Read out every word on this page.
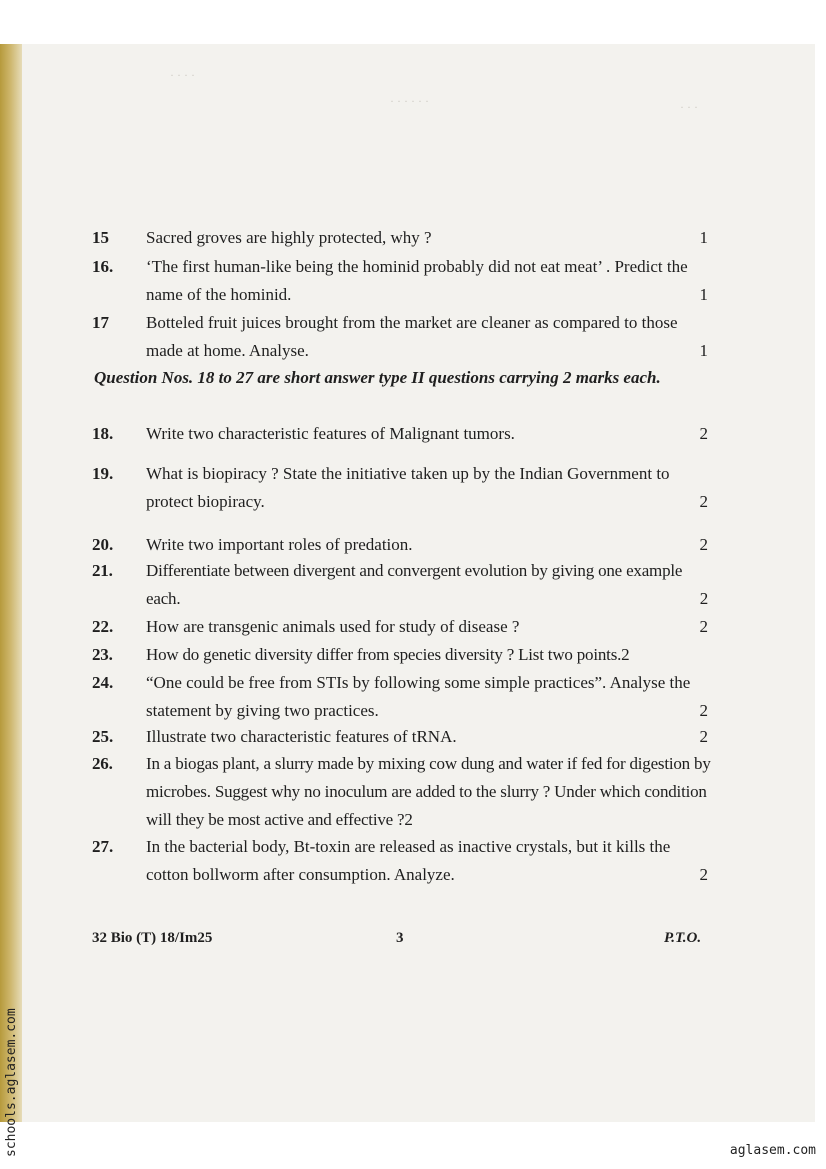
· · · ·
· · · · · ·	· · ·
15 Sacred groves are highly protected, why ?	1
16. ‘The first human-like being the hominid probably did not eat meat’ . Predict the name of the hominid.	1
17 Botteled fruit juices brought from the market are cleaner as compared to those made at home. Analyse.	1
Question Nos. 18 to 27 are short answer type II questions carrying 2 marks each.
18. Write two characteristic features of Malignant tumors.	2
19. What is biopiracy ? State the initiative taken up by the Indian Government to protect biopiracy.	2
20. Write two important roles of predation.	2
21. Differentiate between divergent and convergent evolution by giving one example each.	2
22. How are transgenic animals used for study of disease ?	2
23. How do genetic diversity differ from species diversity ? List two points.2
24. “One could be free from STIs by following some simple practices”. Analyse the statement by giving two practices.	2
25. Illustrate two characteristic features of tRNA.	2
26. In a biogas plant, a slurry made by mixing cow dung and water if fed for digestion by microbes. Suggest why no inoculum are added to the slurry ? Under which condition will they be most active and effective ?2
27. In the bacterial body, Bt-toxin are released as inactive crystals, but it kills the cotton bollworm after consumption. Analyze.	2
32 Bio (T) 18/Im25	3	P.T.O.
schools.aglasem.com	aglasem.com
